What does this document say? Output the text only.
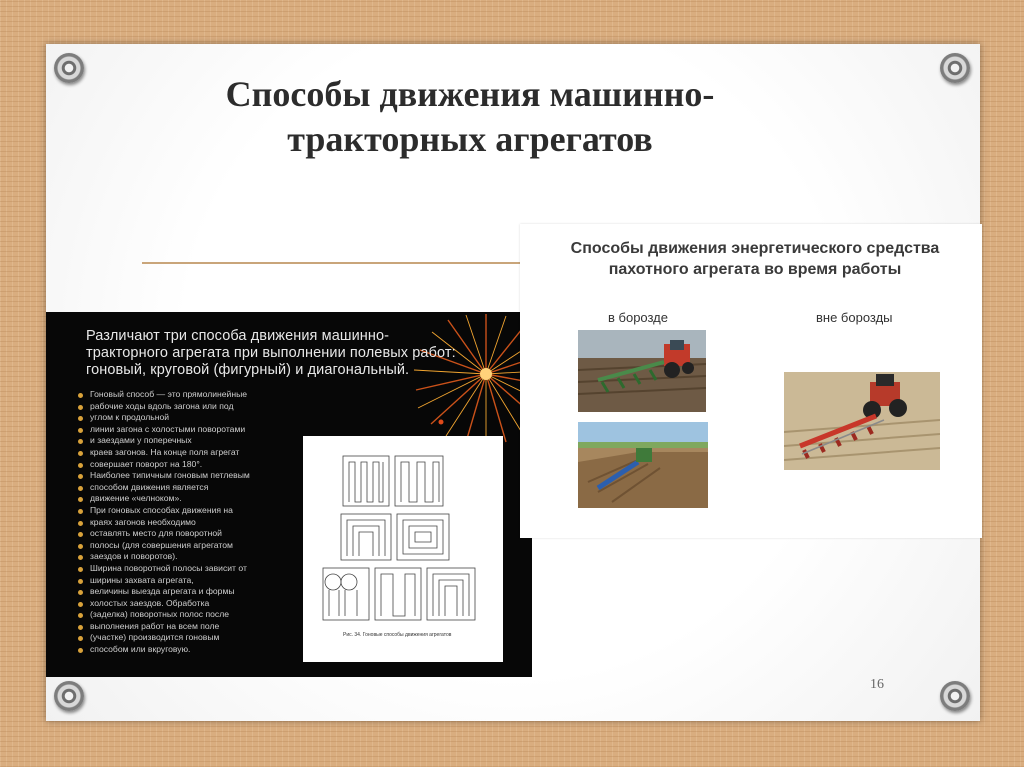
Способы движения машинно-тракторных агрегатов
Различают три способа движения машинно-тракторного агрегата при выполнении полевых работ: гоновый, круговой (фигурный) и диагональный.
Гоновый способ — это прямолинейные
рабочие ходы вдоль загона или под
углом к продольной
линии загона с холостыми поворотами
и заездами у поперечных
краев загонов. На конце поля агрегат
совершает поворот на 180°.
Наиболее типичным гоновым петлевым
способом движения является
движение «челноком».
При гоновых способах движения на
краях загонов необходимо
оставлять место для поворотной
полосы (для совершения агрегатом
заездов и поворотов).
Ширина поворотной полосы зависит от
ширины захвата агрегата,
величины выезда агрегата и формы
холостых заездов. Обработка
(заделка) поворотных полос после
выполнения работ на всем поле
(участке) производится гоновым
способом или вкруговую.
Рис. 34. Гоновые способы движения агрегатов
Способы движения энергетического средства пахотного агрегата во время работы
в борозде	вне борозды
16
